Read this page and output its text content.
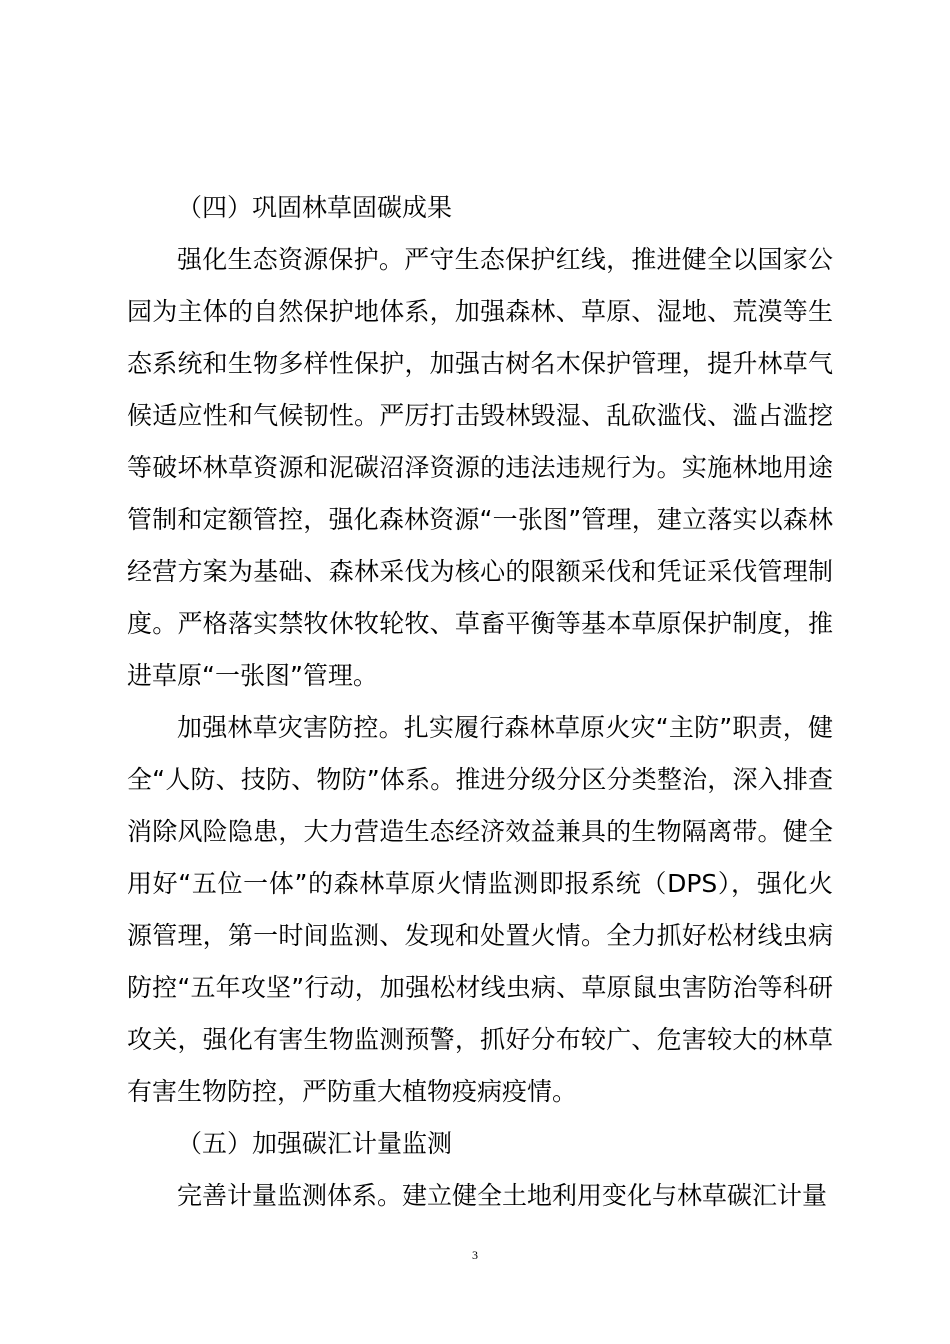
（四）巩固林草固碳成果

强化生态资源保护。严守生态保护红线，推进健全以国家公园为主体的自然保护地体系，加强森林、草原、湿地、荒漠等生态系统和生物多样性保护，加强古树名木保护管理，提升林草气候适应性和气候韧性。严厉打击毁林毁湿、乱砍滥伐、滥占滥挖等破坏林草资源和泥碳沼泽资源的违法违规行为。实施林地用途管制和定额管控，强化森林资源“一张图”管理，建立落实以森林经营方案为基础、森林采伐为核心的限额采伐和凭证采伐管理制度。严格落实禁牧休牧轮牧、草畜平衡等基本草原保护制度，推进草原“一张图”管理。

加强林草灾害防控。扎实履行森林草原火灾“主防”职责，健全“人防、技防、物防”体系。推进分级分区分类整治，深入排查消除风险隐患，大力营造生态经济效益兼具的生物隔离带。健全用好“五位一体”的森林草原火情监测即报系统（DPS），强化火源管理，第一时间监测、发现和处置火情。全力抓好松材线虫病防控“五年攻坚”行动，加强松材线虫病、草原鼠虫害防治等科研攻关，强化有害生物监测预警，抓好分布较广、危害较大的林草有害生物防控，严防重大植物疫病疫情。

（五）加强碳汇计量监测

完善计量监测体系。建立健全土地利用变化与林草碳汇计量

3
